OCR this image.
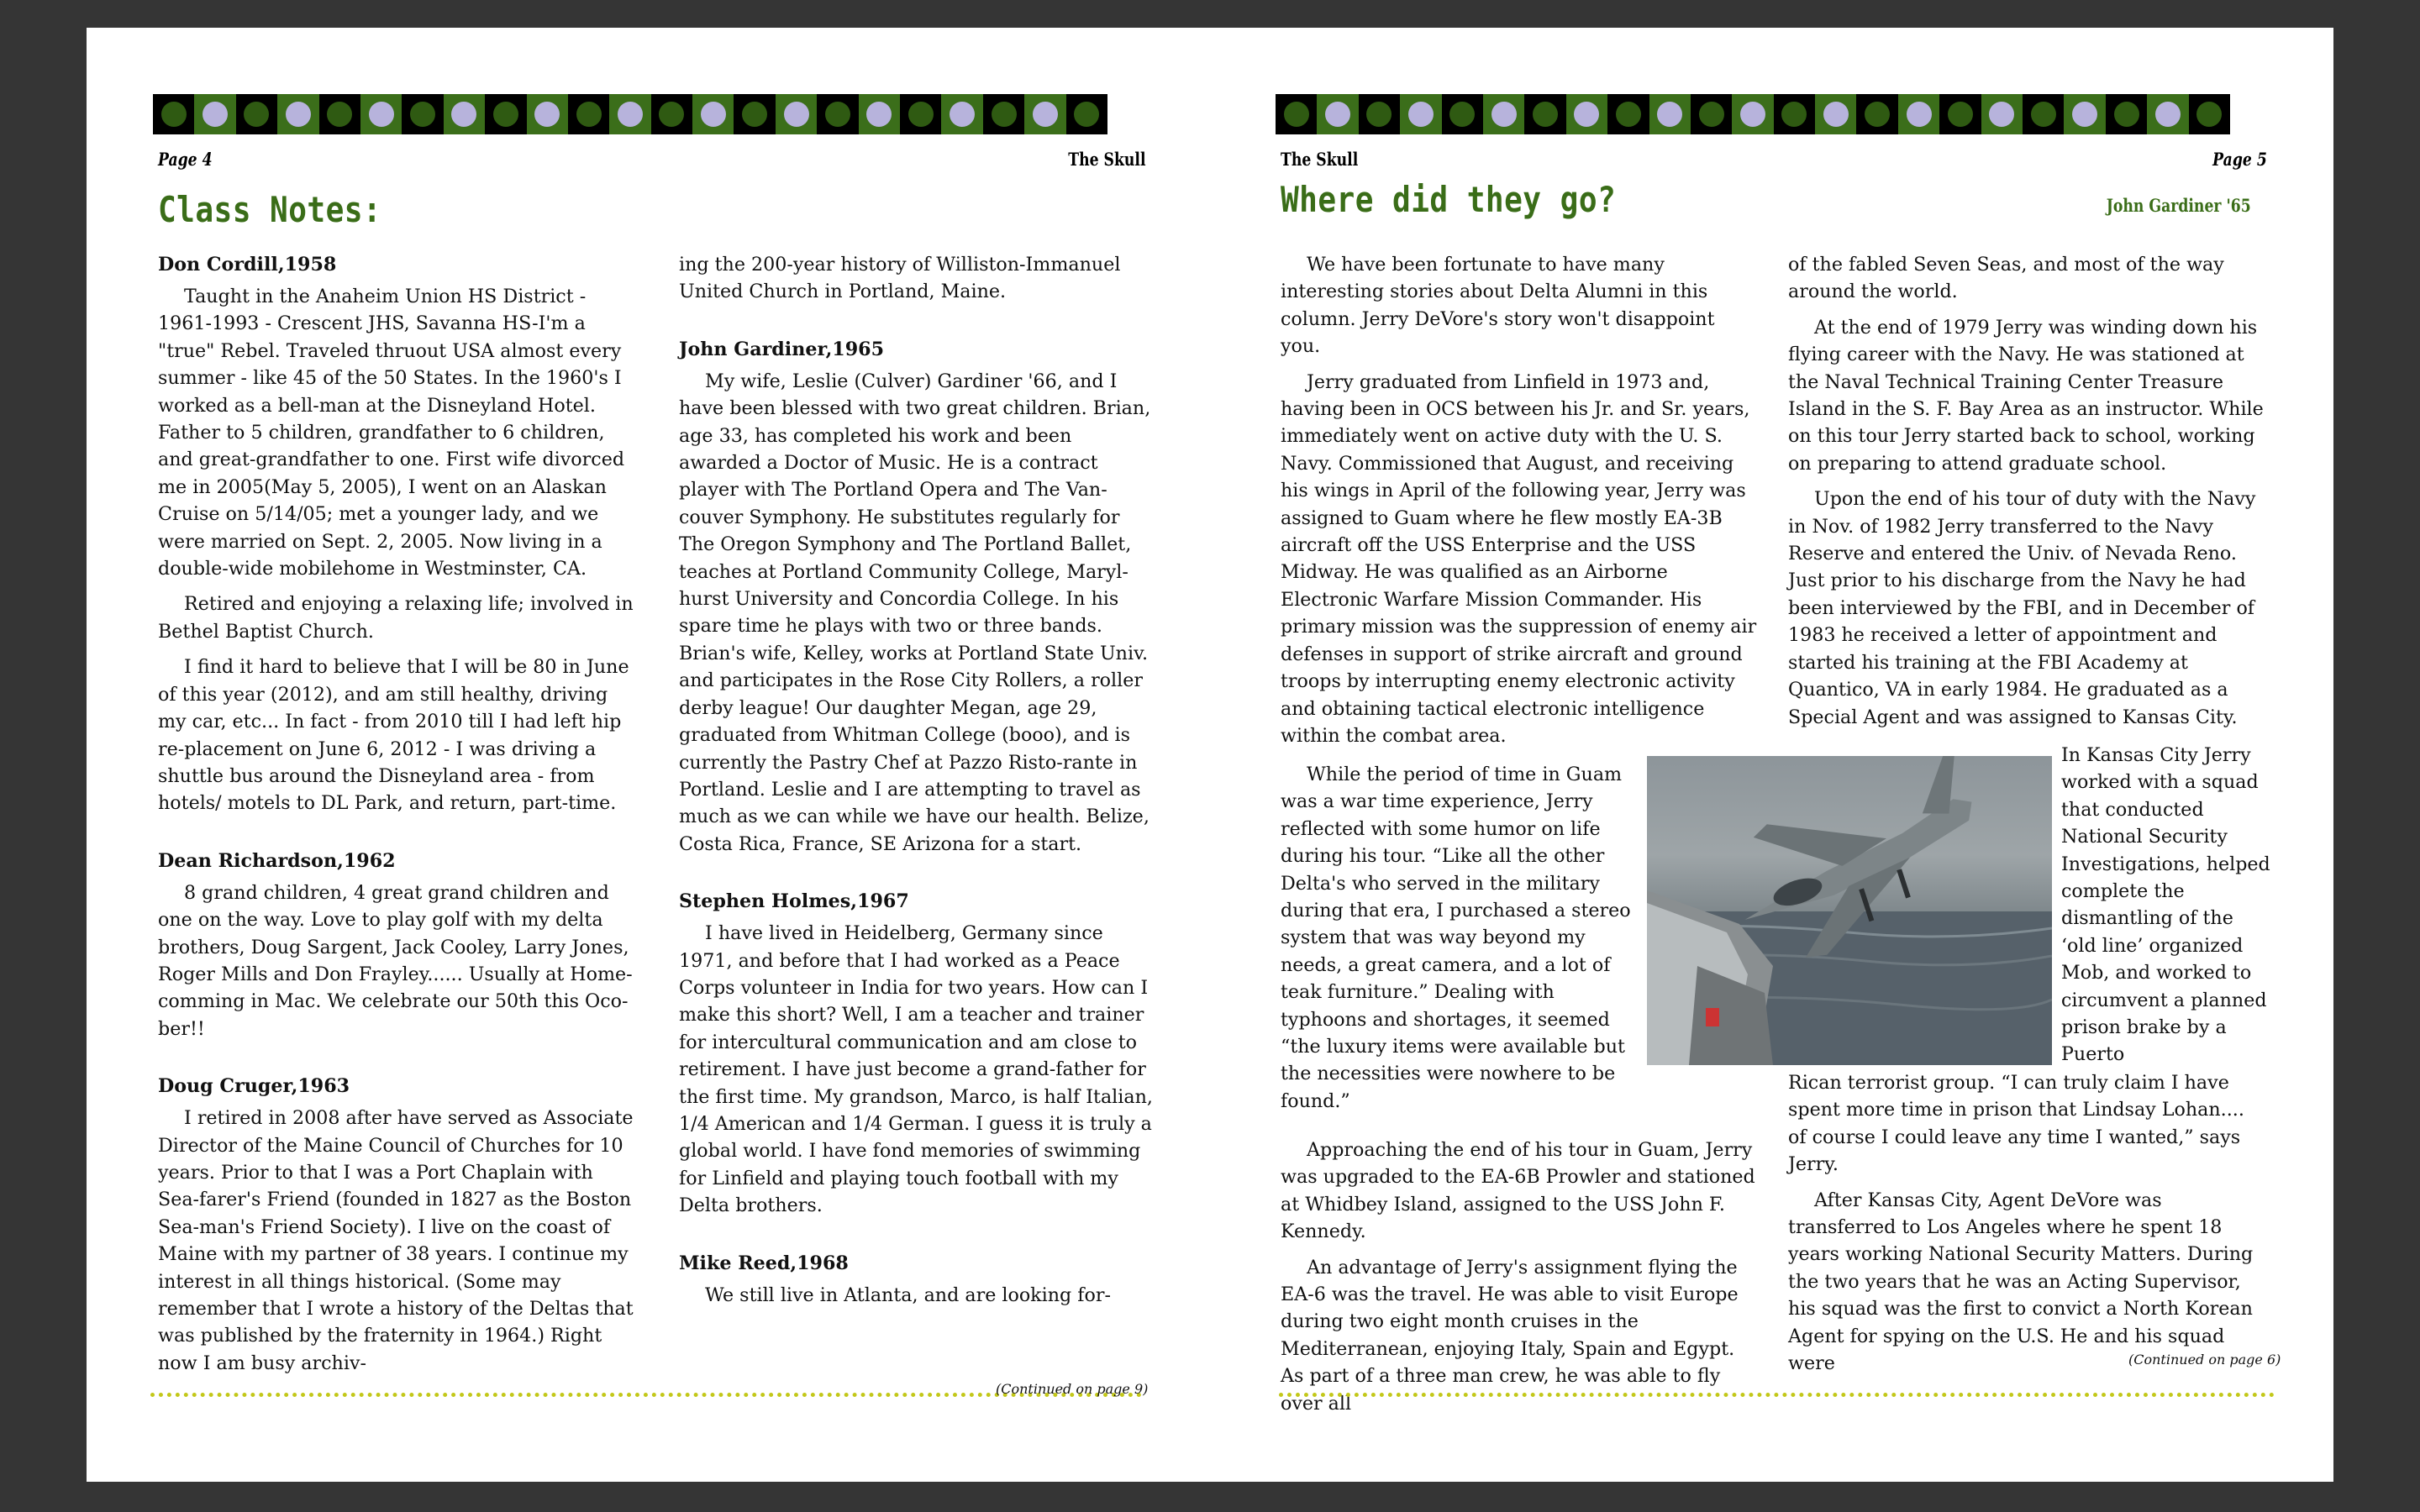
Page 4	The Skull
Class Notes:
Don Cordill,1958

Taught in the Anaheim Union HS District - 1961-1993 - Crescent JHS, Savanna HS-I'm a "true" Rebel. Traveled thruout USA almost every summer - like 45 of the 50 States. In the 1960's I worked as a bell-man at the Disneyland Hotel. Father to 5 children, grandfather to 6 children, and great-grandfather to one. First wife divorced me in 2005(May 5, 2005), I went on an Alaskan Cruise on 5/14/05; met a younger lady, and we were married on Sept. 2, 2005. Now living in a double-wide mobilehome in Westminster, CA.

Retired and enjoying a relaxing life; involved in Bethel Baptist Church.

I find it hard to believe that I will be 80 in June of this year (2012), and am still healthy, driving my car, etc... In fact - from 2010 till I had left hip re-placement on June 6, 2012 - I was driving a shuttle bus around the Disneyland area - from hotels/ motels to DL Park, and return, part-time.

Dean Richardson,1962

8 grand children, 4 great grand children and one on the way. Love to play golf with my delta brothers, Doug Sargent, Jack Cooley, Larry Jones, Roger Mills and Don Frayley...... Usually at Home-comming in Mac. We celebrate our 50th this Oco-ber!!

Doug Cruger,1963

I retired in 2008 after have served as Associate Director of the Maine Council of Churches for 10 years. Prior to that I was a Port Chaplain with Sea-farer's Friend (founded in 1827 as the Boston Sea-man's Friend Society). I live on the coast of Maine with my partner of 38 years. I continue my interest in all things historical. (Some may remember that I wrote a history of the Deltas that was published by the fraternity in 1964.) Right now I am busy archiv-

ing the 200-year history of Williston-Immanuel United Church in Portland, Maine.

John Gardiner,1965

My wife, Leslie (Culver) Gardiner '66, and I have been blessed with two great children. Brian, age 33, has completed his work and been awarded a Doctor of Music. He is a contract player with The Portland Opera and The Van-couver Symphony. He substitutes regularly for The Oregon Symphony and The Portland Ballet, teaches at Portland Community College, Maryl-hurst University and Concordia College. In his spare time he plays with two or three bands. Brian's wife, Kelley, works at Portland State Univ. and participates in the Rose City Rollers, a roller derby league! Our daughter Megan, age 29, graduated from Whitman College (booo), and is currently the Pastry Chef at Pazzo Risto-rante in Portland. Leslie and I are attempting to travel as much as we can while we have our health. Belize, Costa Rica, France, SE Arizona for a start.

Stephen Holmes,1967

I have lived in Heidelberg, Germany since 1971, and before that I had worked as a Peace Corps volunteer in India for two years. How can I make this short? Well, I am a teacher and trainer for intercultural communication and am close to retirement. I have just become a grand-father for the first time. My grandson, Marco, is half Italian, 1/4 American and 1/4 German. I guess it is truly a global world. I have fond memories of swimming for Linfield and playing touch football with my Delta brothers.

Mike Reed,1968

We still live in Atlanta, and are looking for-

(Continued on page 9)
The Skull	Page 5
Where did they go?	John Gardiner '65

We have been fortunate to have many interesting stories about Delta Alumni in this column. Jerry DeVore's story won't disappoint you.

Jerry graduated from Linfield in 1973 and, having been in OCS between his Jr. and Sr. years, immediately went on active duty with the U. S. Navy. Commissioned that August, and receiving his wings in April of the following year, Jerry was assigned to Guam where he flew mostly EA-3B aircraft off the USS Enterprise and the USS Midway. He was qualified as an Airborne Electronic Warfare Mission Commander. His primary mission was the suppression of enemy air defenses in support of strike aircraft and ground troops by interrupting enemy electronic activity and obtaining tactical electronic intelligence within the combat area.

While the period of time in Guam was a war time experience, Jerry reflected with some humor on life during his tour. “Like all the other Delta's who served in the military during that era, I purchased a stereo system that was way beyond my needs, a great camera, and a lot of teak furniture.” Dealing with typhoons and shortages, it seemed “the luxury items were available but the necessities were nowhere to be found.”

Approaching the end of his tour in Guam, Jerry was upgraded to the EA-6B Prowler and stationed at Whidbey Island, assigned to the USS John F. Kennedy.

An advantage of Jerry's assignment flying the EA-6 was the travel. He was able to visit Europe during two eight month cruises in the Mediterranean, enjoying Italy, Spain and Egypt. As part of a three man crew, he was able to fly over all

of the fabled Seven Seas, and most of the way around the world.

At the end of 1979 Jerry was winding down his flying career with the Navy. He was stationed at the Naval Technical Training Center Treasure Island in the S. F. Bay Area as an instructor. While on this tour Jerry started back to school, working on preparing to attend graduate school.

Upon the end of his tour of duty with the Navy in Nov. of 1982 Jerry transferred to the Navy Reserve and entered the Univ. of Nevada Reno. Just prior to his discharge from the Navy he had been interviewed by the FBI, and in December of 1983 he received a letter of appointment and started his training at the FBI Academy at Quantico, VA in early 1984. He graduated as a Special Agent and was assigned to Kansas City.

In Kansas City Jerry worked with a squad that conducted National Security Investigations, helped complete the dismantling of the ‘old line’ organized Mob, and worked to circumvent a planned prison brake by a Puerto

Rican terrorist group. “I can truly claim I have spent more time in prison that Lindsay Lohan.... of course I could leave any time I wanted,” says Jerry.

After Kansas City, Agent DeVore was transferred to Los Angeles where he spent 18 years working National Security Matters. During the two years that he was an Acting Supervisor, his squad was the first to convict a North Korean Agent for spying on the U.S. He and his squad were	(Continued on page 6)
